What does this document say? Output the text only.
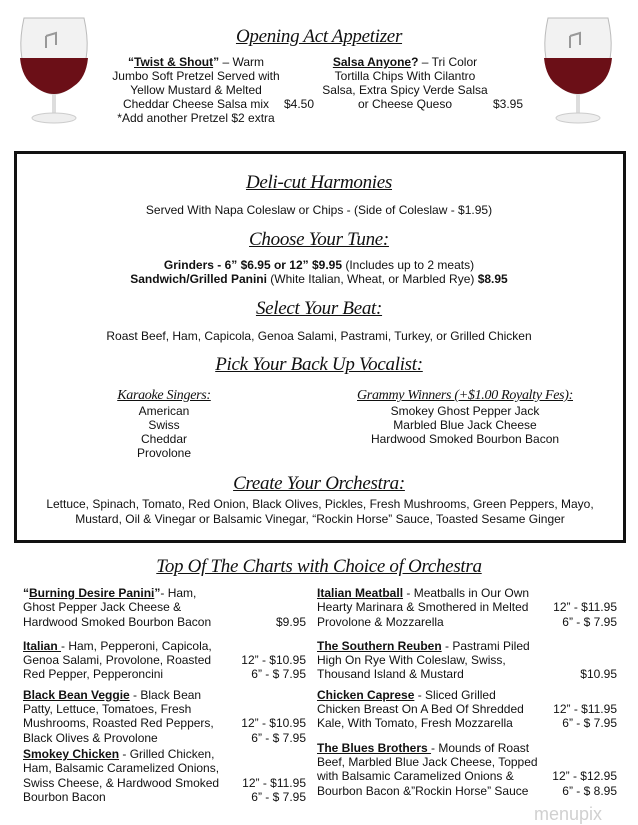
Opening Act Appetizer
“Twist & Shout” – Warm Jumbo Soft Pretzel Served with Yellow Mustard & Melted Cheddar Cheese Salsa mix
*Add another Pretzel $2 extra
$4.50
Salsa Anyone? – Tri Color Tortilla Chips With Cilantro Salsa, Extra Spicy Verde Salsa or Cheese Queso	$3.95
Deli-cut Harmonies
Served With Napa Coleslaw or Chips - (Side of Coleslaw - $1.95)
Choose Your Tune:
Grinders - 6” $6.95 or 12” $9.95 (Includes up to 2 meats)
Sandwich/Grilled Panini (White Italian, Wheat, or Marbled Rye) $8.95
Select Your Beat:
Roast Beef, Ham, Capicola, Genoa Salami, Pastrami, Turkey, or Grilled Chicken
Pick Your Back Up Vocalist:
Karaoke Singers:
American
Swiss
Cheddar
Provolone
Grammy Winners (+$1.00 Royalty Fes):
Smokey Ghost Pepper Jack
Marbled Blue Jack Cheese
Hardwood Smoked Bourbon Bacon
Create Your Orchestra:
Lettuce, Spinach, Tomato, Red Onion, Black Olives, Pickles, Fresh Mushrooms, Green Peppers, Mayo, Mustard, Oil & Vinegar or Balsamic Vinegar, “Rockin Horse” Sauce, Toasted Sesame Ginger
Top Of The Charts with Choice of Orchestra
“Burning Desire Panini”- Ham, Ghost Pepper Jack Cheese & Hardwood Smoked Bourbon Bacon	$9.95
Italian - Ham, Pepperoni, Capicola, Genoa Salami, Provolone, Roasted Red Pepper, Pepperoncini
12” - $10.95
6” - $ 7.95
Black Bean Veggie - Black Bean Patty, Lettuce, Tomatoes, Fresh Mushrooms, Roasted Red Peppers, Black Olives & Provolone
12” - $10.95
6” - $ 7.95
Smokey Chicken - Grilled Chicken, Ham, Balsamic Caramelized Onions, Swiss Cheese, & Hardwood Smoked Bourbon Bacon
12” - $11.95
6” - $ 7.95
Italian Meatball - Meatballs in Our Own Hearty Marinara & Smothered in Melted Provolone & Mozzarella
12” - $11.95
6” - $ 7.95
The Southern Reuben - Pastrami Piled High On Rye With Coleslaw, Swiss, Thousand Island & Mustard	$10.95
Chicken Caprese - Sliced Grilled Chicken Breast On A Bed Of Shredded Kale, With Tomato, Fresh Mozzarella
12” - $11.95
6” - $ 7.95
The Blues Brothers - Mounds of Roast Beef, Marbled Blue Jack Cheese, Topped with Balsamic Caramelized Onions & Bourbon Bacon &”Rockin Horse” Sauce
12” - $12.95
6” - $ 8.95
menupix
